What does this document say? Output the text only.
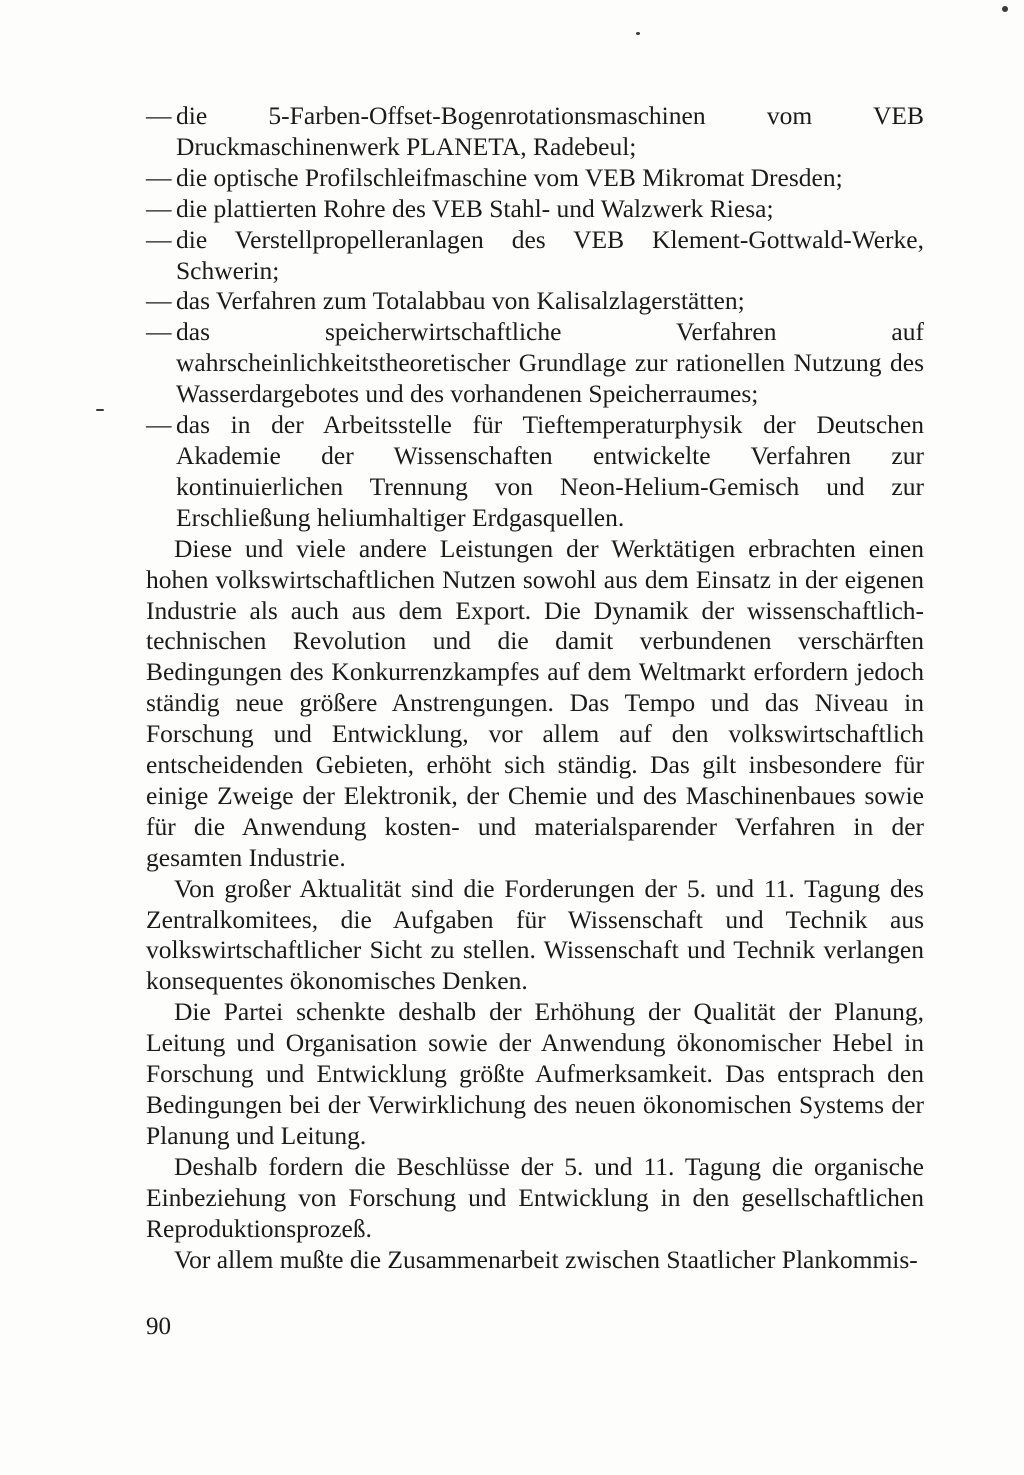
— die 5-Farben-Offset-Bogenrotationsmaschinen vom VEB Druckmaschinenwerk PLANETA, Radebeul;
— die optische Profilschleifmaschine vom VEB Mikromat Dresden;
— die plattierten Rohre des VEB Stahl- und Walzwerk Riesa;
— die Verstellpropelleranlagen des VEB Klement-Gottwald-Werke, Schwerin;
— das Verfahren zum Totalabbau von Kalisalzlagerstätten;
— das speicherwirtschaftliche Verfahren auf wahrscheinlichkeitstheoretischer Grundlage zur rationellen Nutzung des Wasserdargebotes und des vorhandenen Speicherraumes;
— das in der Arbeitsstelle für Tieftemperaturphysik der Deutschen Akademie der Wissenschaften entwickelte Verfahren zur kontinuierlichen Trennung von Neon-Helium-Gemisch und zur Erschließung heliumhaltiger Erdgasquellen.

Diese und viele andere Leistungen der Werktätigen erbrachten einen hohen volkswirtschaftlichen Nutzen sowohl aus dem Einsatz in der eigenen Industrie als auch aus dem Export. Die Dynamik der wissenschaftlich-technischen Revolution und die damit verbundenen verschärften Bedingungen des Konkurrenzkampfes auf dem Weltmarkt erfordern jedoch ständig neue größere Anstrengungen. Das Tempo und das Niveau in Forschung und Entwicklung, vor allem auf den volkswirtschaftlich entscheidenden Gebieten, erhöht sich ständig. Das gilt insbesondere für einige Zweige der Elektronik, der Chemie und des Maschinenbaues sowie für die Anwendung kosten- und materialsparender Verfahren in der gesamten Industrie.

Von großer Aktualität sind die Forderungen der 5. und 11. Tagung des Zentralkomitees, die Aufgaben für Wissenschaft und Technik aus volkswirtschaftlicher Sicht zu stellen. Wissenschaft und Technik verlangen konsequentes ökonomisches Denken.

Die Partei schenkte deshalb der Erhöhung der Qualität der Planung, Leitung und Organisation sowie der Anwendung ökonomischer Hebel in Forschung und Entwicklung größte Aufmerksamkeit. Das entsprach den Bedingungen bei der Verwirklichung des neuen ökonomischen Systems der Planung und Leitung.

Deshalb fordern die Beschlüsse der 5. und 11. Tagung die organische Einbeziehung von Forschung und Entwicklung in den gesellschaftlichen Reproduktionsprozeß.

Vor allem mußte die Zusammenarbeit zwischen Staatlicher Plankommis-

90
